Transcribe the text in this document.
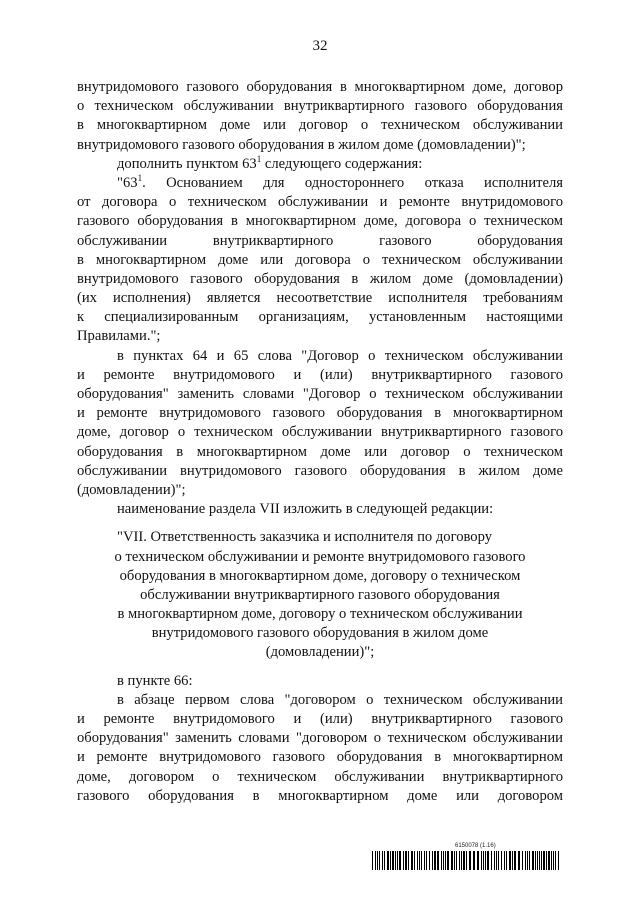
32
внутридомового газового оборудования в многоквартирном доме, договор
о техническом обслуживании внутриквартирного газового оборудования
в многоквартирном доме или договор о техническом обслуживании
внутридомового газового оборудования в жилом доме (домовладении)";
дополнить пунктом $63^1$ следующего содержания:
"$63^1$. Основанием для одностороннего отказа исполнителя
от договора о техническом обслуживании и ремонте внутридомового
газового оборудования в многоквартирном доме, договора о техническом
обслуживании внутриквартирного газового оборудования
в многоквартирном доме или договора о техническом обслуживании
внутридомового газового оборудования в жилом доме (домовладении)
(их исполнения) является несоответствие исполнителя требованиям
к специализированным организациям, установленным настоящими
Правилами.";
в пунктах 64 и 65 слова "Договор о техническом обслуживании
и ремонте внутридомового и (или) внутриквартирного газового
оборудования" заменить словами "Договор о техническом обслуживании
и ремонте внутридомового газового оборудования в многоквартирном
доме, договор о техническом обслуживании внутриквартирного газового
оборудования в многоквартирном доме или договор о техническом
обслуживании внутридомового газового оборудования в жилом доме
(домовладении)";
наименование раздела VII изложить в следующей редакции:
"VII. Ответственность заказчика и исполнителя по договору
о техническом обслуживании и ремонте внутридомового газового
оборудования в многоквартирном доме, договору о техническом
обслуживании внутриквартирного газового оборудования
в многоквартирном доме, договору о техническом обслуживании
внутридомового газового оборудования в жилом доме
(домовладении)";
в пункте 66:
в абзаце первом слова "договором о техническом обслуживании
и ремонте внутридомового и (или) внутриквартирного газового
оборудования" заменить словами "договором о техническом обслуживании
и ремонте внутридомового газового оборудования в многоквартирном
доме, договором о техническом обслуживании внутриквартирного
газового оборудования в многоквартирном доме или договором
6150078 (1.16)
